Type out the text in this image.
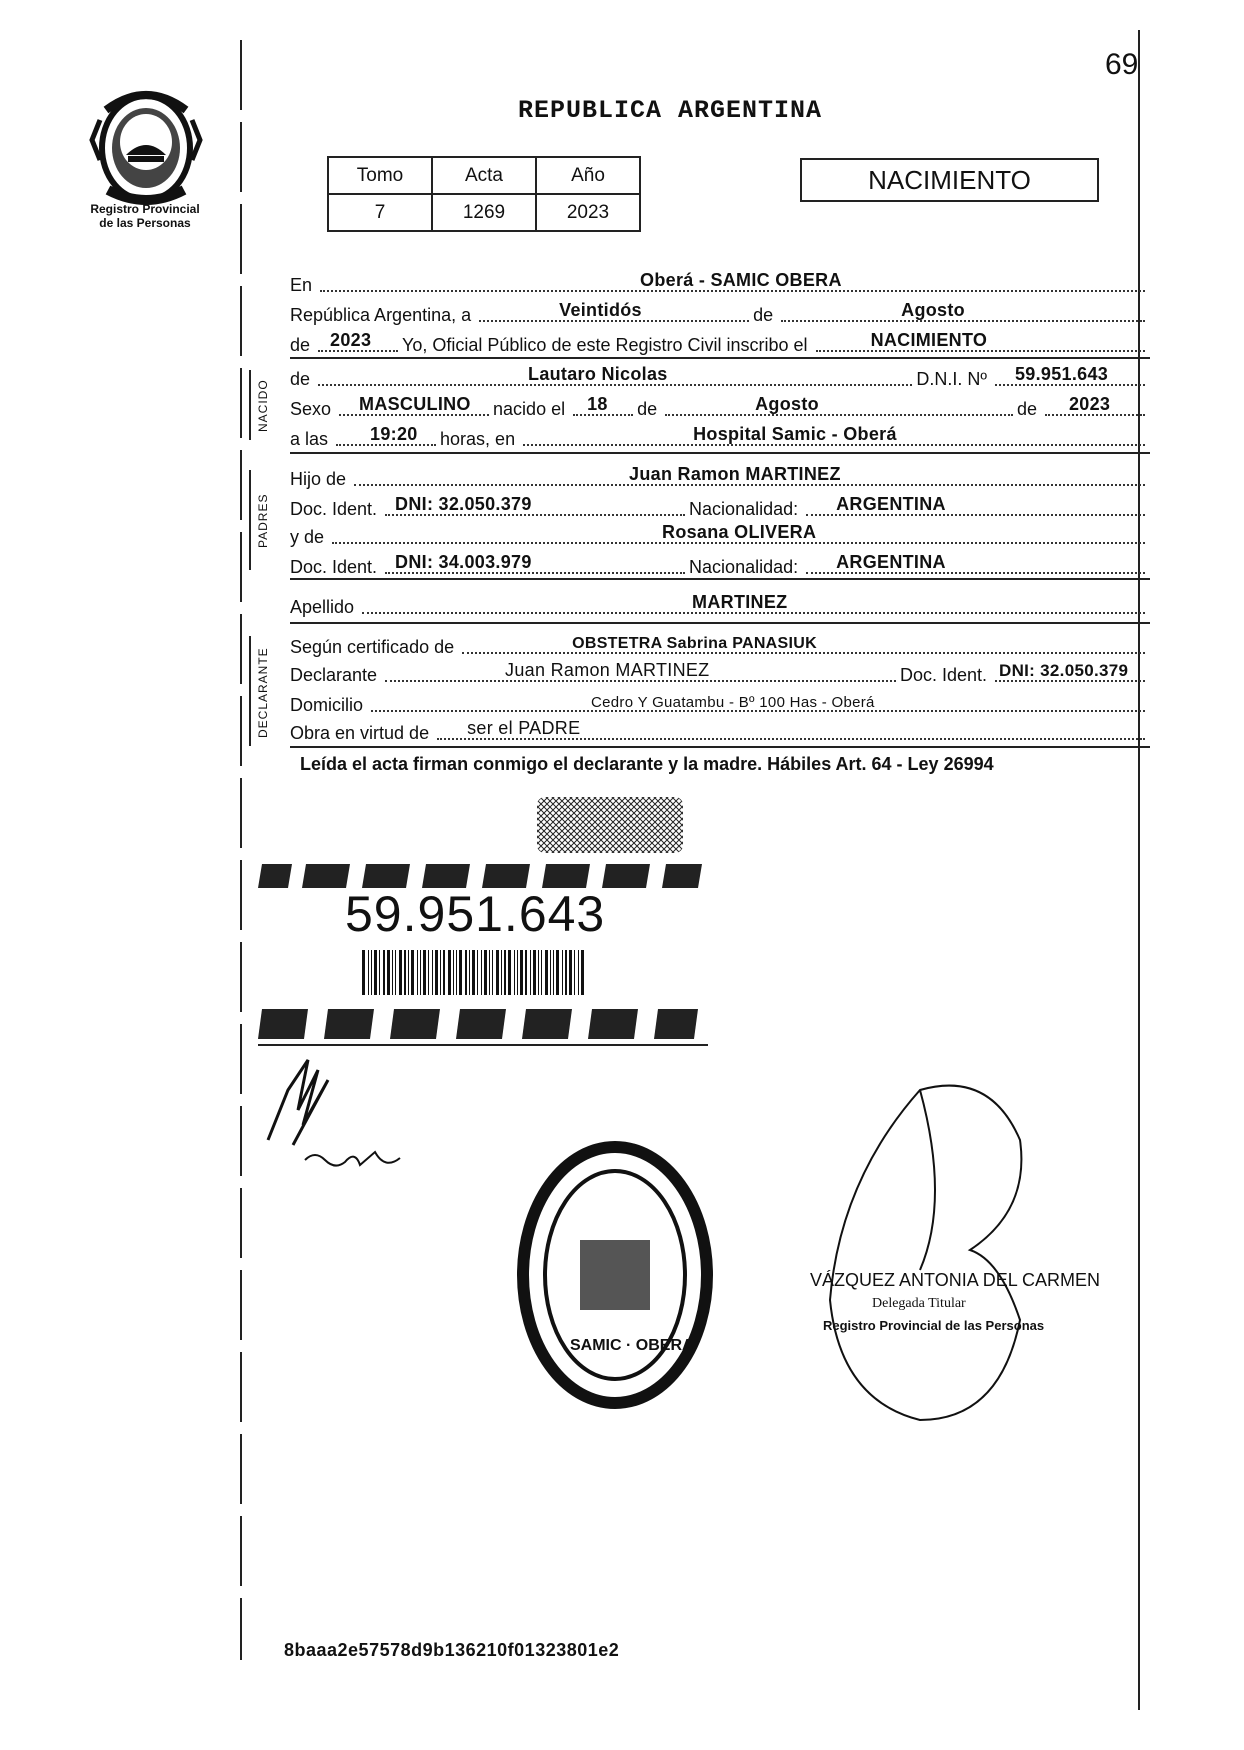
69
Registro Provincial
de las Personas
REPUBLICA ARGENTINA
Tomo	Acta	Año
7	1269	2023
NACIMIENTO
En	Oberá - SAMIC OBERA
República Argentina, a	Veintidós	de	Agosto
de 2023 Yo, Oficial Público de este Registro Civil inscribo el	NACIMIENTO
NACIDO
de	Lautaro Nicolas	D.N.I. Nº 59.951.643
Sexo MASCULINO nacido el 18 de	Agosto	de 2023
a las 19:20 horas, en	Hospital Samic - Oberá
PADRES
Hijo de	Juan Ramon MARTINEZ
Doc. Ident. DNI: 32.050.379	Nacionalidad: ARGENTINA
y de	Rosana OLIVERA
Doc. Ident. DNI: 34.003.979	Nacionalidad: ARGENTINA
Apellido	MARTINEZ
DECLARANTE
Según certificado de	OBSTETRA Sabrina PANASIUK
Declarante	Juan Ramon MARTINEZ	Doc. Ident. DNI: 32.050.379
Domicilio	Cedro Y Guatambu - Bº 100 Has - Oberá
Obra en virtud de ser el PADRE
Leída el acta firman conmigo el declarante y la madre. Hábiles Art. 64 - Ley 26994
59.951.643
SAMIC · OBERA
VÁZQUEZ ANTONIA DEL CARMEN
Delegada Titular
Registro Provincial de las Personas
8baaa2e57578d9b136210f01323801e2
